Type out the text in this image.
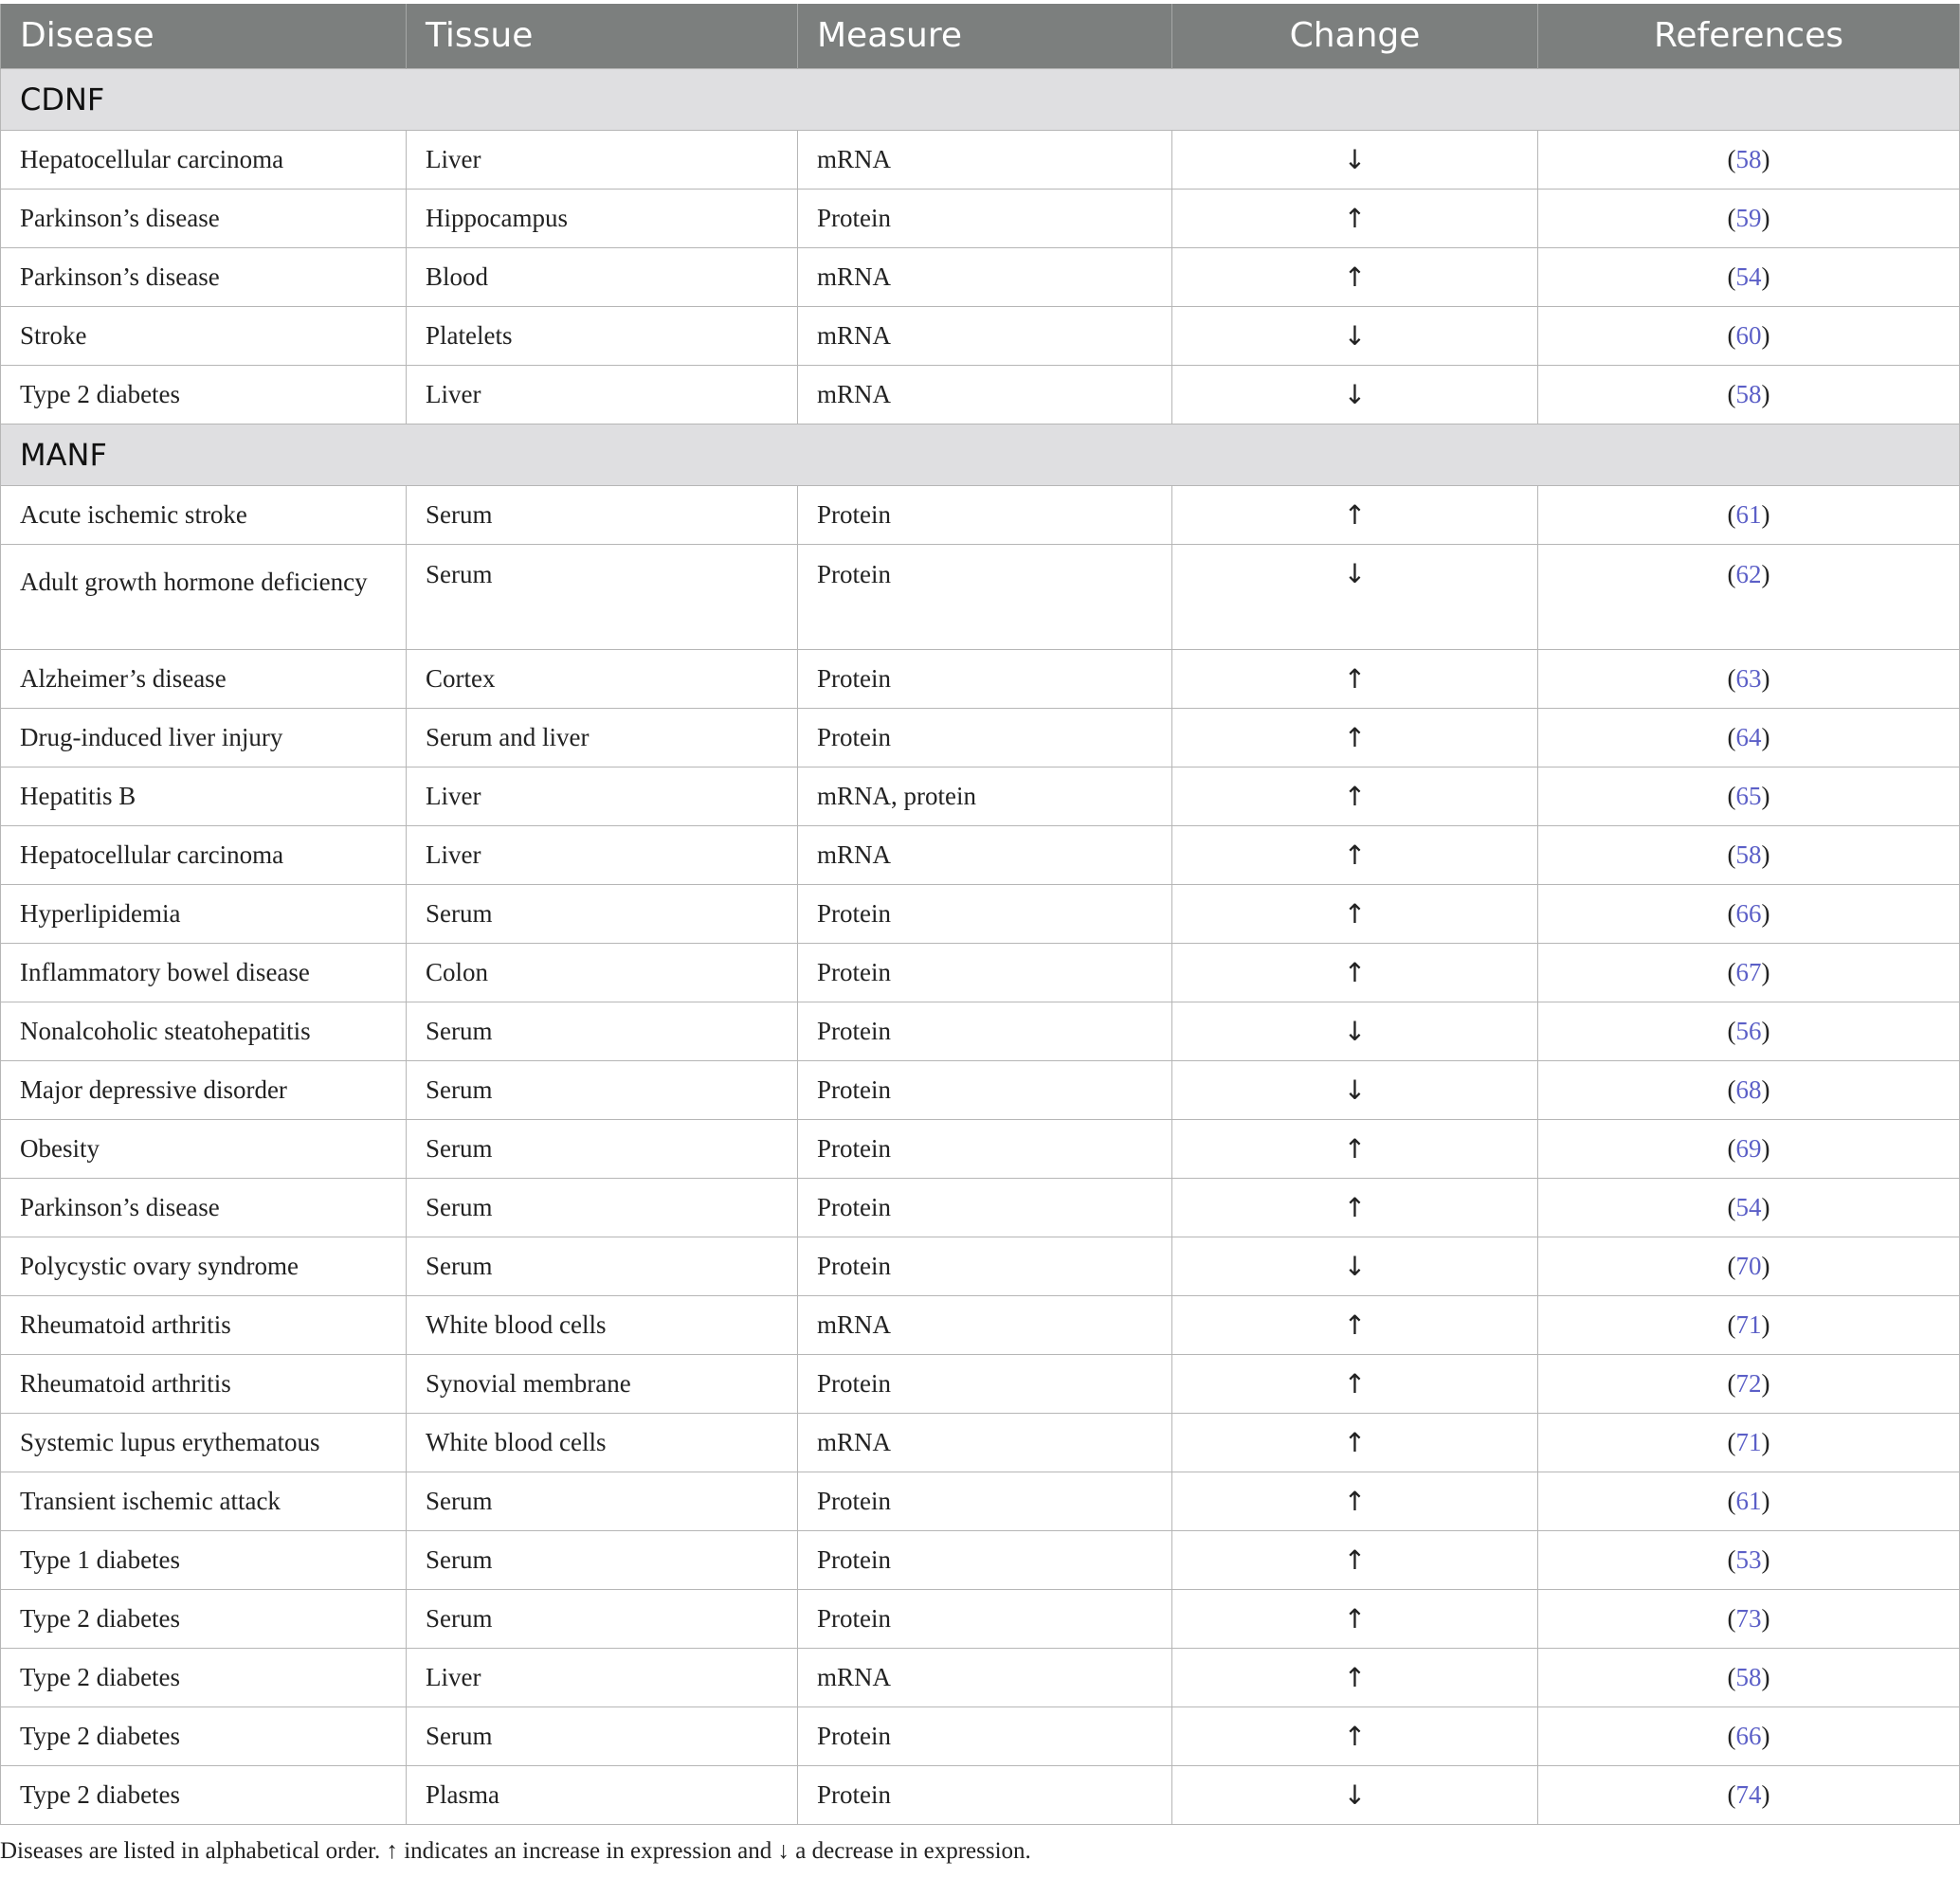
Disease	Tissue	Measure	Change	References
CDNF				
Hepatocellular carcinoma	Liver	mRNA	↓	(58)
Parkinson’s disease	Hippocampus	Protein	↑	(59)
Parkinson’s disease	Blood	mRNA	↑	(54)
Stroke	Platelets	mRNA	↓	(60)
Type 2 diabetes	Liver	mRNA	↓	(58)
MANF				
Acute ischemic stroke	Serum	Protein	↑	(61)
Adult growth hormone deficiency	Serum	Protein	↓	(62)
Alzheimer’s disease	Cortex	Protein	↑	(63)
Drug-induced liver injury	Serum and liver	Protein	↑	(64)
Hepatitis B	Liver	mRNA, protein	↑	(65)
Hepatocellular carcinoma	Liver	mRNA	↑	(58)
Hyperlipidemia	Serum	Protein	↑	(66)
Inflammatory bowel disease	Colon	Protein	↑	(67)
Nonalcoholic steatohepatitis	Serum	Protein	↓	(56)
Major depressive disorder	Serum	Protein	↓	(68)
Obesity	Serum	Protein	↑	(69)
Parkinson’s disease	Serum	Protein	↑	(54)
Polycystic ovary syndrome	Serum	Protein	↓	(70)
Rheumatoid arthritis	White blood cells	mRNA	↑	(71)
Rheumatoid arthritis	Synovial membrane	Protein	↑	(72)
Systemic lupus erythematous	White blood cells	mRNA	↑	(71)
Transient ischemic attack	Serum	Protein	↑	(61)
Type 1 diabetes	Serum	Protein	↑	(53)
Type 2 diabetes	Serum	Protein	↑	(73)
Type 2 diabetes	Liver	mRNA	↑	(58)
Type 2 diabetes	Serum	Protein	↑	(66)
Type 2 diabetes	Plasma	Protein	↓	(74)
Diseases are listed in alphabetical order. ↑ indicates an increase in expression and ↓ a decrease in expression.
